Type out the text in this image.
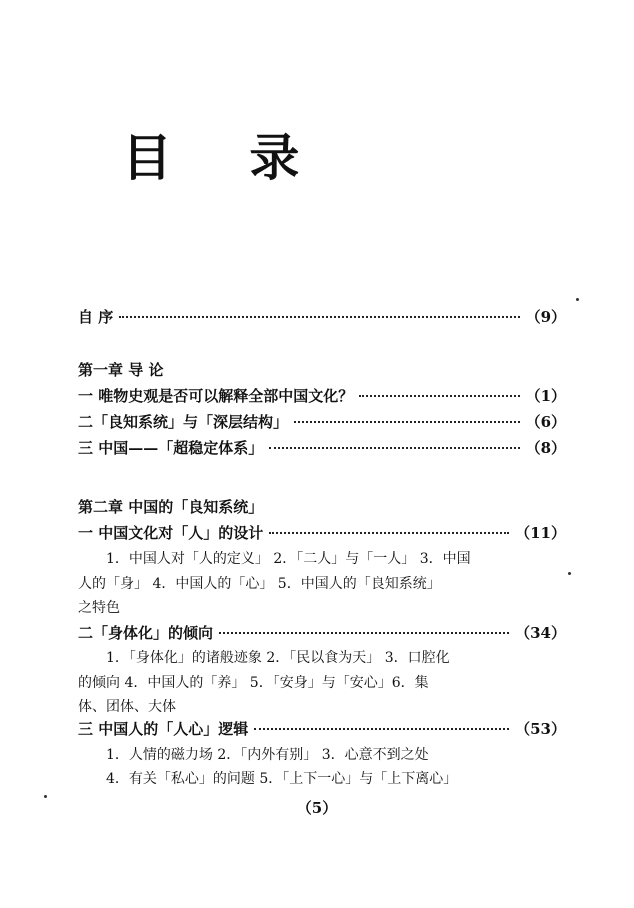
目 录
自 序	（9）
第一章 导 论
一 唯物史观是否可以解释全部中国文化？	（1）
二「良知系统」与「深层结构」	（6）
三 中国——「超稳定体系」	（8）
第二章 中国的「良知系统」
一 中国文化对「人」的设计	（11）
1．中国人对「人的定义」 2．「二人」与「一人」 3．中国
人的「身」 4．中国人的「心」 5．中国人的「良知系统」
之特色
二「身体化」的倾向	（34）
1．「身体化」的诸般迹象 2．「民以食为天」 3．口腔化
的倾向 4．中国人的「养」 5．「安身」与「安心」6．集
体、团体、大体
三 中国人的「人心」逻辑	（53）
1．人情的磁力场 2．「内外有别」 3．心意不到之处
4．有关「私心」的问题 5．「上下一心」与「上下离心」
（5）
